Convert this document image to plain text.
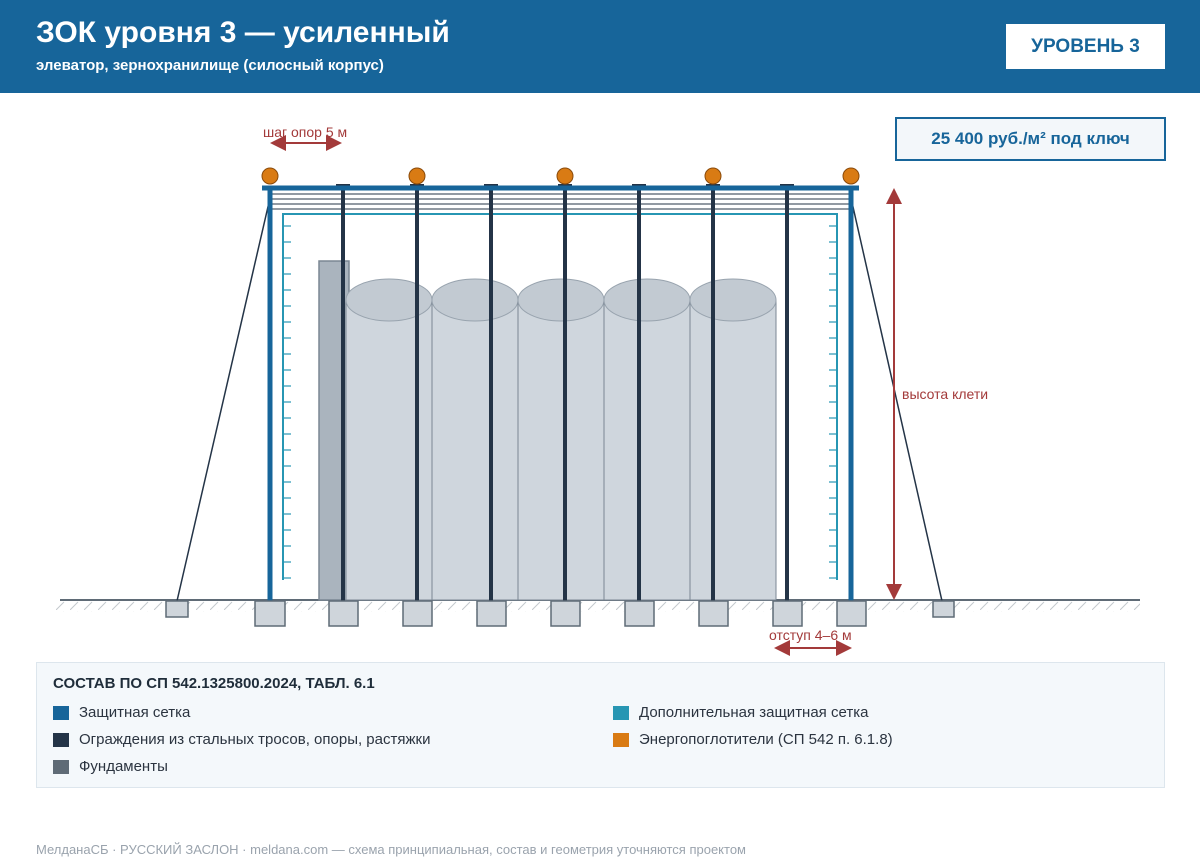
ЗОК уровня 3 — усиленный
элеватор, зернохранилище (силосный корпус)
УРОВЕНЬ 3
шаг опор 5 м
высота клети
отступ 4–6 м
25 400 руб./м² под ключ
СОСТАВ ПО СП 542.1325800.2024, ТАБЛ. 6.1
Защитная сетка
Ограждения из стальных тросов, опоры, растяжки
Фундаменты
Дополнительная защитная сетка
Энергопоглотители (СП 542 п. 6.1.8)
МелданаСБ · РУССКИЙ ЗАСЛОН · meldana.com — схема принципиальная, состав и геометрия уточняются проектом
